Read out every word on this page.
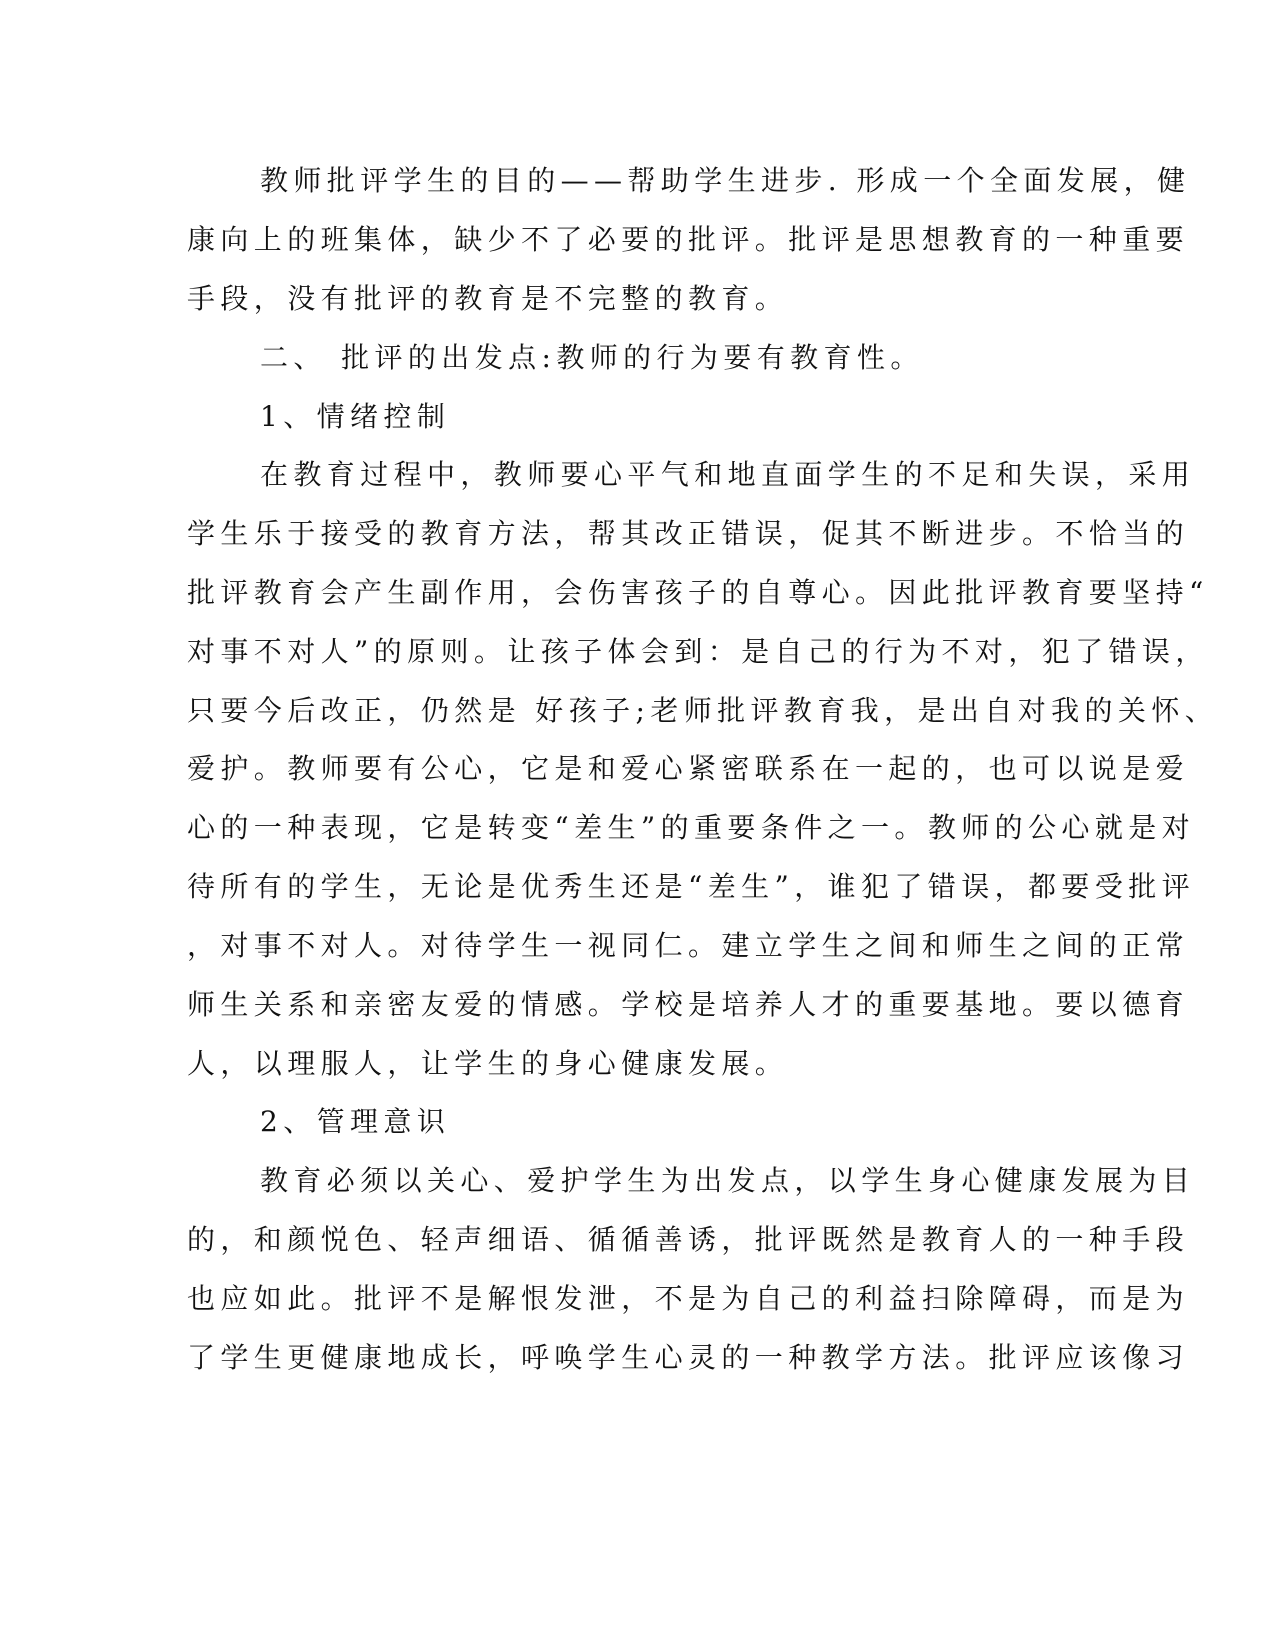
教师批评学生的目的——帮助学生进步. 形成一个全面发展，健
康向上的班集体，缺少不了必要的批评。批评是思想教育的一种重要
手段，没有批评的教育是不完整的教育。
二、 批评的出发点:教师的行为要有教育性。
1、情绪控制
在教育过程中，教师要心平气和地直面学生的不足和失误，采用
学生乐于接受的教育方法，帮其改正错误，促其不断进步。不恰当的
批评教育会产生副作用，会伤害孩子的自尊心。因此批评教育要坚持“
对事不对人”的原则。让孩子体会到：是自己的行为不对，犯了错误，
只要今后改正，仍然是 好孩子;老师批评教育我，是出自对我的关怀、
爱护。教师要有公心，它是和爱心紧密联系在一起的，也可以说是爱
心的一种表现，它是转变“差生”的重要条件之一。教师的公心就是对
待所有的学生，无论是优秀生还是“差生”，谁犯了错误，都要受批评
，对事不对人。对待学生一视同仁。建立学生之间和师生之间的正常
师生关系和亲密友爱的情感。学校是培养人才的重要基地。要以德育
人，以理服人，让学生的身心健康发展。
2、管理意识
教育必须以关心、爱护学生为出发点，以学生身心健康发展为目
的，和颜悦色、轻声细语、循循善诱，批评既然是教育人的一种手段
也应如此。批评不是解恨发泄，不是为自己的利益扫除障碍，而是为
了学生更健康地成长，呼唤学生心灵的一种教学方法。批评应该像习
